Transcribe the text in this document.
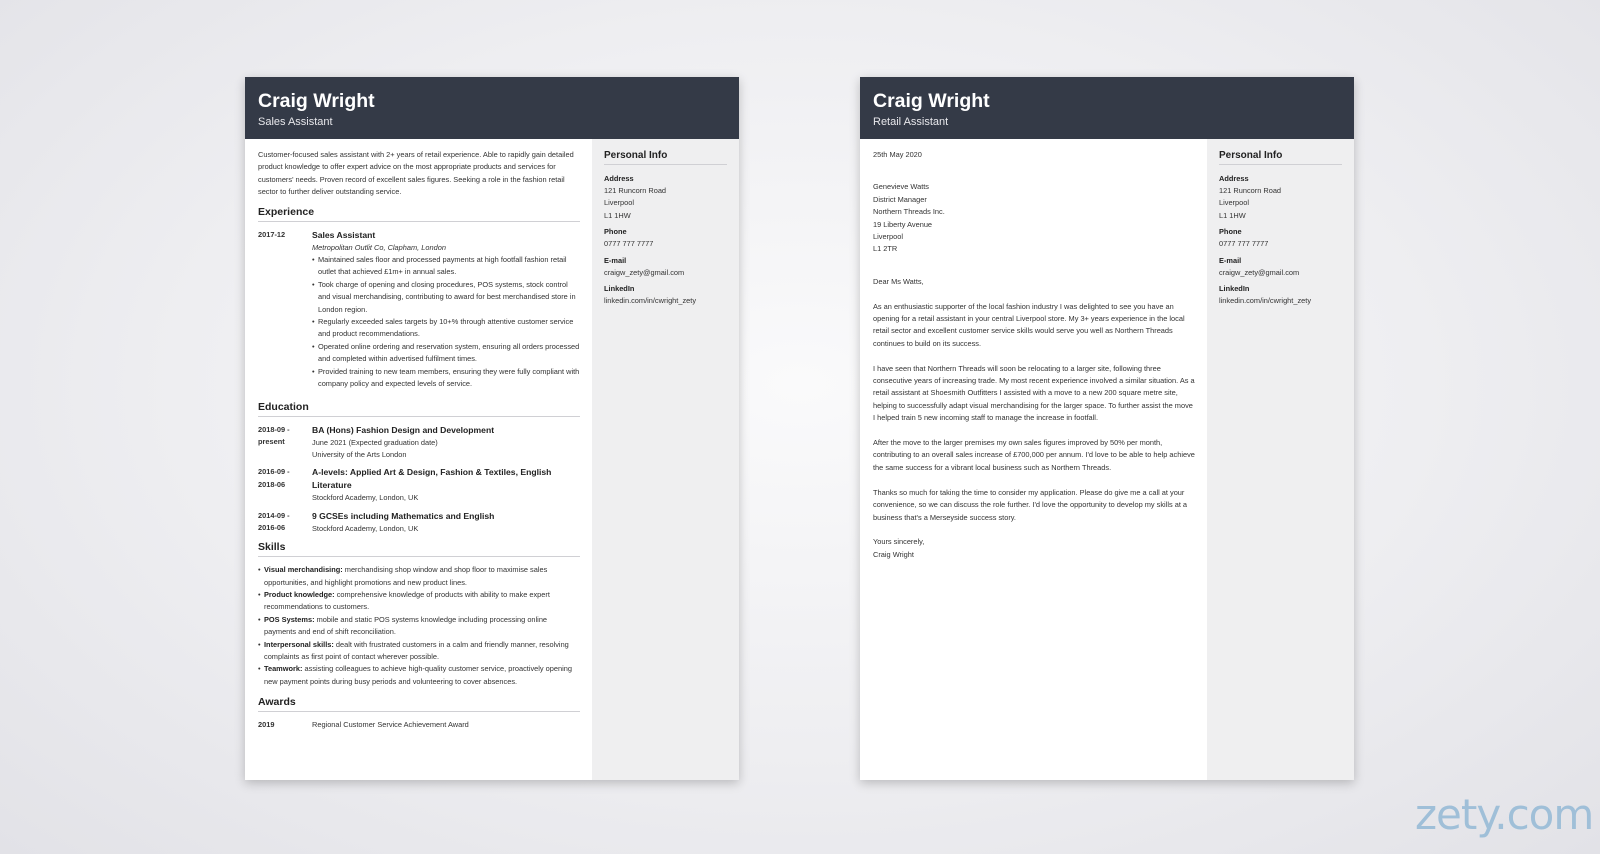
Craig Wright
Sales Assistant
Customer-focused sales assistant with 2+ years of retail experience. Able to rapidly gain detailed product knowledge to offer expert advice on the most appropriate products and services for customers' needs. Proven record of excellent sales figures. Seeking a role in the fashion retail sector to further deliver outstanding service.
Experience
2017-12	Sales Assistant
Metropolitan Outlit Co, Clapham, London
• Maintained sales floor and processed payments at high footfall fashion retail outlet that achieved £1m+ in annual sales.
• Took charge of opening and closing procedures, POS systems, stock control and visual merchandising, contributing to award for best merchandised store in London region.
• Regularly exceeded sales targets by 10+% through attentive customer service and product recommendations.
• Operated online ordering and reservation system, ensuring all orders processed and completed within advertised fulfilment times.
• Provided training to new team members, ensuring they were fully compliant with company policy and expected levels of service.
Education
2018-09 -
present
BA (Hons) Fashion Design and Development
June 2021 (Expected graduation date)
University of the Arts London
2016-09 -
2018-06
A-levels: Applied Art & Design, Fashion & Textiles, English Literature
Stockford Academy, London, UK
2014-09 -
2016-06
9 GCSEs including Mathematics and English
Stockford Academy, London, UK
Skills
• Visual merchandising: merchandising shop window and shop floor to maximise sales opportunities, and highlight promotions and new product lines.
• Product knowledge: comprehensive knowledge of products with ability to make expert recommendations to customers.
• POS Systems: mobile and static POS systems knowledge including processing online payments and end of shift reconciliation.
• Interpersonal skills: dealt with frustrated customers in a calm and friendly manner, resolving complaints as first point of contact wherever possible.
• Teamwork: assisting colleagues to achieve high-quality customer service, proactively opening new payment points during busy periods and volunteering to cover absences.
Awards
2019	Regional Customer Service Achievement Award
Personal Info
Address
121 Runcorn Road
Liverpool
L1 1HW
Phone
0777 777 7777
E-mail
craigw_zety@gmail.com
LinkedIn
linkedin.com/in/cwright_zety
Craig Wright
Retail Assistant

25th May 2020

Genevieve Watts
District Manager
Northern Threads Inc.
19 Liberty Avenue
Liverpool
L1 2TR

Dear Ms Watts,

As an enthusiastic supporter of the local fashion industry I was delighted to see you have an opening for a retail assistant in your central Liverpool store. My 3+ years experience in the local retail sector and excellent customer service skills would serve you well as Northern Threads continues to build on its success.

I have seen that Northern Threads will soon be relocating to a larger site, following three consecutive years of increasing trade. My most recent experience involved a similar situation. As a retail assistant at Shoesmith Outfitters I assisted with a move to a new 200 square metre site, helping to successfully adapt visual merchandising for the larger space. To further assist the move I helped train 5 new incoming staff to manage the increase in footfall.

After the move to the larger premises my own sales figures improved by 50% per month, contributing to an overall sales increase of £700,000 per annum. I'd love to be able to help achieve the same success for a vibrant local business such as Northern Threads.

Thanks so much for taking the time to consider my application. Please do give me a call at your convenience, so we can discuss the role further. I'd love the opportunity to develop my skills at a business that's a Merseyside success story.

Yours sincerely,

Craig Wright

Personal Info
Address
121 Runcorn Road
Liverpool
L1 1HW
Phone
0777 777 7777
E-mail
craigw_zety@gmail.com
LinkedIn
linkedin.com/in/cwright_zety
zety.com
